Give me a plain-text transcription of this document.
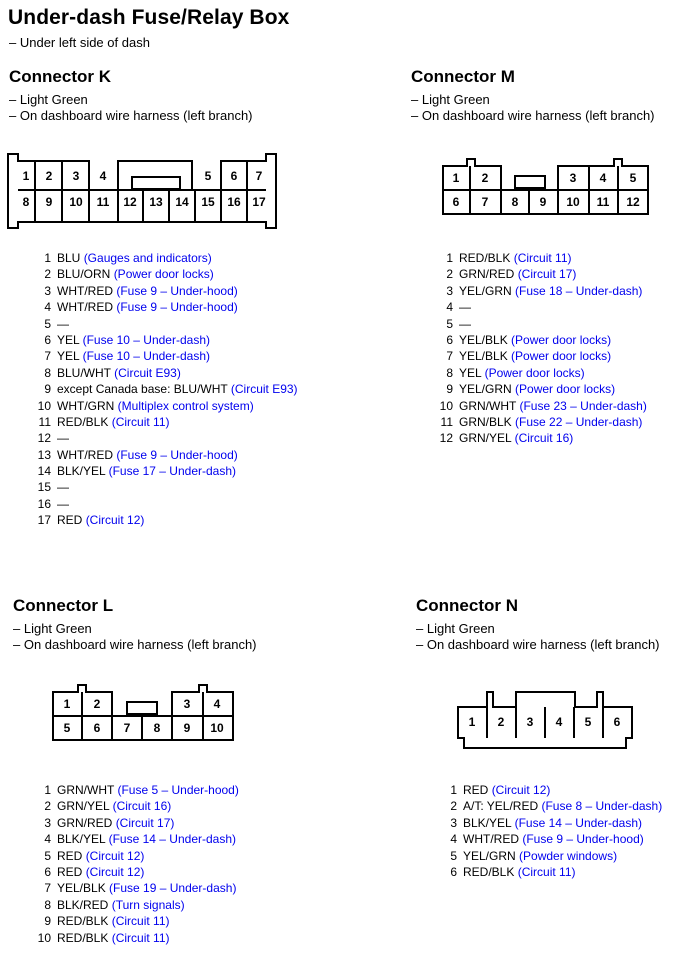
Under-dash Fuse/Relay Box
– Under left side of dash
Connector K
– Light Green
– On dashboard wire harness (left branch)
1 2 3 4	5 6 7
8 9 10 11 12 13 14 15 16 17
1 BLU (Gauges and indicators)
2 BLU/ORN (Power door locks)
3 WHT/RED (Fuse 9 – Under-hood)
4 WHT/RED (Fuse 9 – Under-hood)
5 —
6 YEL (Fuse 10 – Under-dash)
7 YEL (Fuse 10 – Under-dash)
8 BLU/WHT (Circuit E93)
9 except Canada base: BLU/WHT (Circuit E93)
10 WHT/GRN (Multiplex control system)
11 RED/BLK (Circuit 11)
12 —
13 WHT/RED (Fuse 9 – Under-hood)
14 BLK/YEL (Fuse 17 – Under-dash)
15 —
16 —
17 RED (Circuit 12)
Connector M
– Light Green
– On dashboard wire harness (left branch)
1 2	3 4 5
6 7 8 9 10 11 12
1 RED/BLK (Circuit 11)
2 GRN/RED (Circuit 17)
3 YEL/GRN (Fuse 18 – Under-dash)
4 —
5 —
6 YEL/BLK (Power door locks)
7 YEL/BLK (Power door locks)
8 YEL (Power door locks)
9 YEL/GRN (Power door locks)
10 GRN/WHT (Fuse 23 – Under-dash)
11 GRN/BLK (Fuse 22 – Under-dash)
12 GRN/YEL (Circuit 16)
Connector L
– Light Green
– On dashboard wire harness (left branch)
1 2	3 4
5 6 7 8 9 10
1 GRN/WHT (Fuse 5 – Under-hood)
2 GRN/YEL (Circuit 16)
3 GRN/RED (Circuit 17)
4 BLK/YEL (Fuse 14 – Under-dash)
5 RED (Circuit 12)
6 RED (Circuit 12)
7 YEL/BLK (Fuse 19 – Under-dash)
8 BLK/RED (Turn signals)
9 RED/BLK (Circuit 11)
10 RED/BLK (Circuit 11)
Connector N
– Light Green
– On dashboard wire harness (left branch)
1 2 3 4 5 6
1 RED (Circuit 12)
2 A/T: YEL/RED (Fuse 8 – Under-dash)
3 BLK/YEL (Fuse 14 – Under-dash)
4 WHT/RED (Fuse 9 – Under-hood)
5 YEL/GRN (Powder windows)
6 RED/BLK (Circuit 11)
